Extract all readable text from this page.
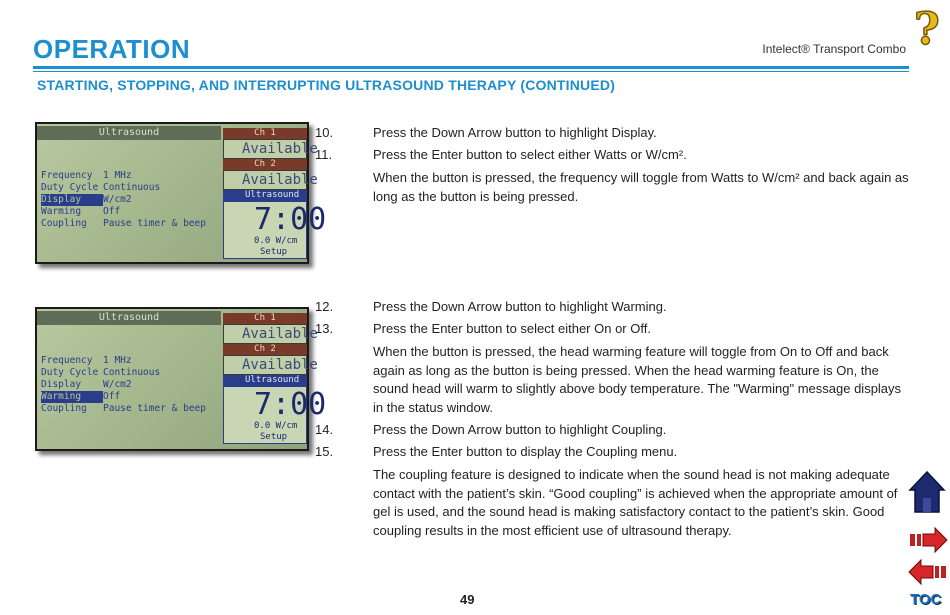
OPERATION	Intelect® Transport Combo
STARTING, STOPPING, AND INTERRUPTING ULTRASOUND THERAPY (CONTINUED)
?
Ultrasound
Frequency	1 MHz
Duty Cycle Continuous
Display	W/cm2
Warming	Off
Coupling	Pause timer & beep
Ch 1
Available
Ch 2
Available
Ultrasound
7:00
0.0 W/cm
Setup
Ultrasound
Frequency	1 MHz
Duty Cycle Continuous
Display	W/cm2
Warming	Off
Coupling	Pause timer & beep
Ch 1
Available
Ch 2
Available
Ultrasound
7:00
0.0 W/cm
Setup
10.	Press the Down Arrow button to highlight Display.
11.	Press the Enter button to select either Watts or W/cm².
When the button is pressed, the frequency will toggle from Watts to W/cm² and back again as long as the button is being pressed.
12.	Press the Down Arrow button to highlight Warming.
13.	Press the Enter button to select either On or Off.
When the button is pressed, the head warming feature will toggle from On to Off and back again as long as the button is being pressed. When the head warming feature is On, the sound head will warm to slightly above body temperature. The "Warming" message displays in the status window.
14.	Press the Down Arrow button to highlight Coupling.
15.	Press the Enter button to display the Coupling menu.
The coupling feature is designed to indicate when the sound head is not making adequate contact with the patient’s skin. “Good coupling” is achieved when the appropriate amount of gel is used, and the sound head is making satisfactory contact to the patient’s skin. Good coupling results in the most efficient use of ultrasound therapy.
49	TOC
